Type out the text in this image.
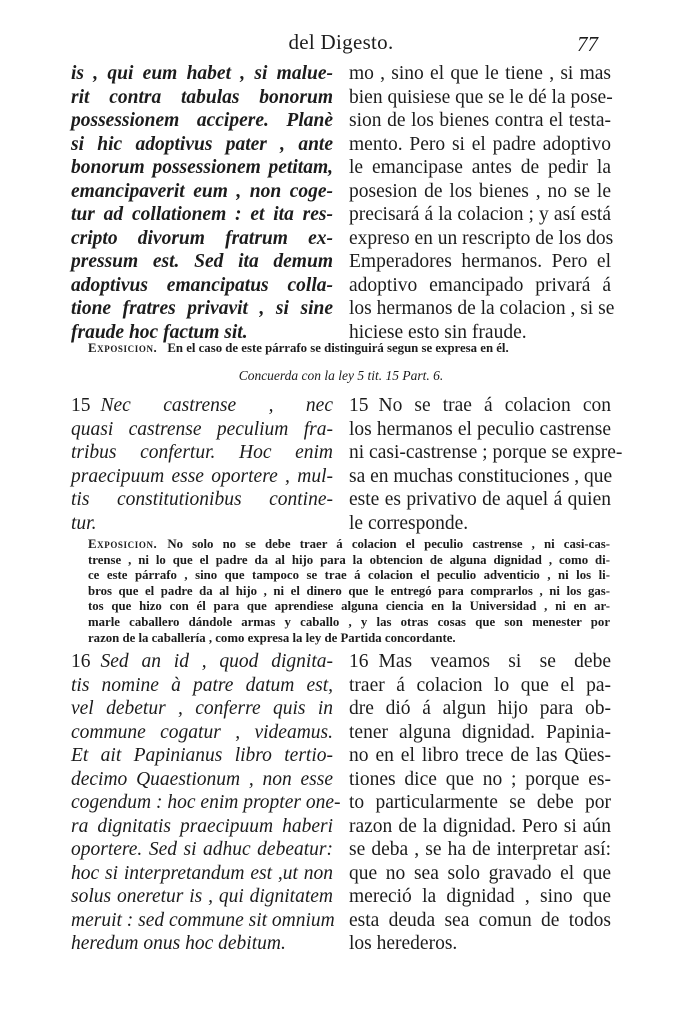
del Digesto.	77
is , qui eum habet , si malue-
rit contra tabulas bonorum
possessionem accipere. Planè
si hic adoptivus pater , ante
bonorum possessionem petitam,
emancipaverit eum , non coge-
tur ad collationem : et ita res-
cripto divorum fratrum ex-
pressum est. Sed ita demum
adoptivus emancipatus colla-
tione fratres privavit , si sine
fraude hoc factum sit.
mo , sino el que le tiene , si mas
bien quisiese que se le dé la pose-
sion de los bienes contra el testa-
mento. Pero si el padre adoptivo
le emancipase antes de pedir la
posesion de los bienes , no se le
precisará á la colacion ; y así está
expreso en un rescripto de los dos
Emperadores hermanos. Pero el
adoptivo emancipado privará á
los hermanos de la colacion , si se
hiciese esto sin fraude.
Exposicion. En el caso de este párrafo se distinguirá segun se expresa en él.
Concuerda con la ley 5 tit. 15 Part. 6.
15 Nec castrense , nec
quasi castrense peculium fra-
tribus confertur. Hoc enim
praecipuum esse oportere , mul-
tis constitutionibus contine-
tur.
15 No se trae á colacion con
los hermanos el peculio castrense
ni casi-castrense ; porque se expre-
sa en muchas constituciones , que
este es privativo de aquel á quien
le corresponde.
Exposicion. No solo no se debe traer á colacion el peculio castrense , ni casi-cas-
trense , ni lo que el padre da al hijo para la obtencion de alguna dignidad , como di-
ce este párrafo , sino que tampoco se trae á colacion el peculio adventicio , ni los li-
bros que el padre da al hijo , ni el dinero que le entregó para comprarlos , ni los gas-
tos que hizo con él para que aprendiese alguna ciencia en la Universidad , ni en ar-
marle caballero dándole armas y caballo , y las otras cosas que son menester por
razon de la caballería , como expresa la ley de Partida concordante.
16 Sed an id , quod dignita-
tis nomine à patre datum est,
vel debetur , conferre quis in
commune cogatur , videamus.
Et ait Papinianus libro tertio-
decimo Quaestionum , non esse
cogendum : hoc enim propter one-
ra dignitatis praecipuum haberi
oportere. Sed si adhuc debeatur:
hoc si interpretandum est ,ut non
solus oneretur is , qui dignitatem
meruit : sed commune sit omnium
heredum onus hoc debitum.
16 Mas veamos si se debe
traer á colacion lo que el pa-
dre dió á algun hijo para ob-
tener alguna dignidad. Papinia-
no en el libro trece de las Qües-
tiones dice que no ; porque es-
to particularmente se debe por
razon de la dignidad. Pero si aún
se deba , se ha de interpretar así:
que no sea solo gravado el que
mereció la dignidad , sino que
esta deuda sea comun de todos
los herederos.
